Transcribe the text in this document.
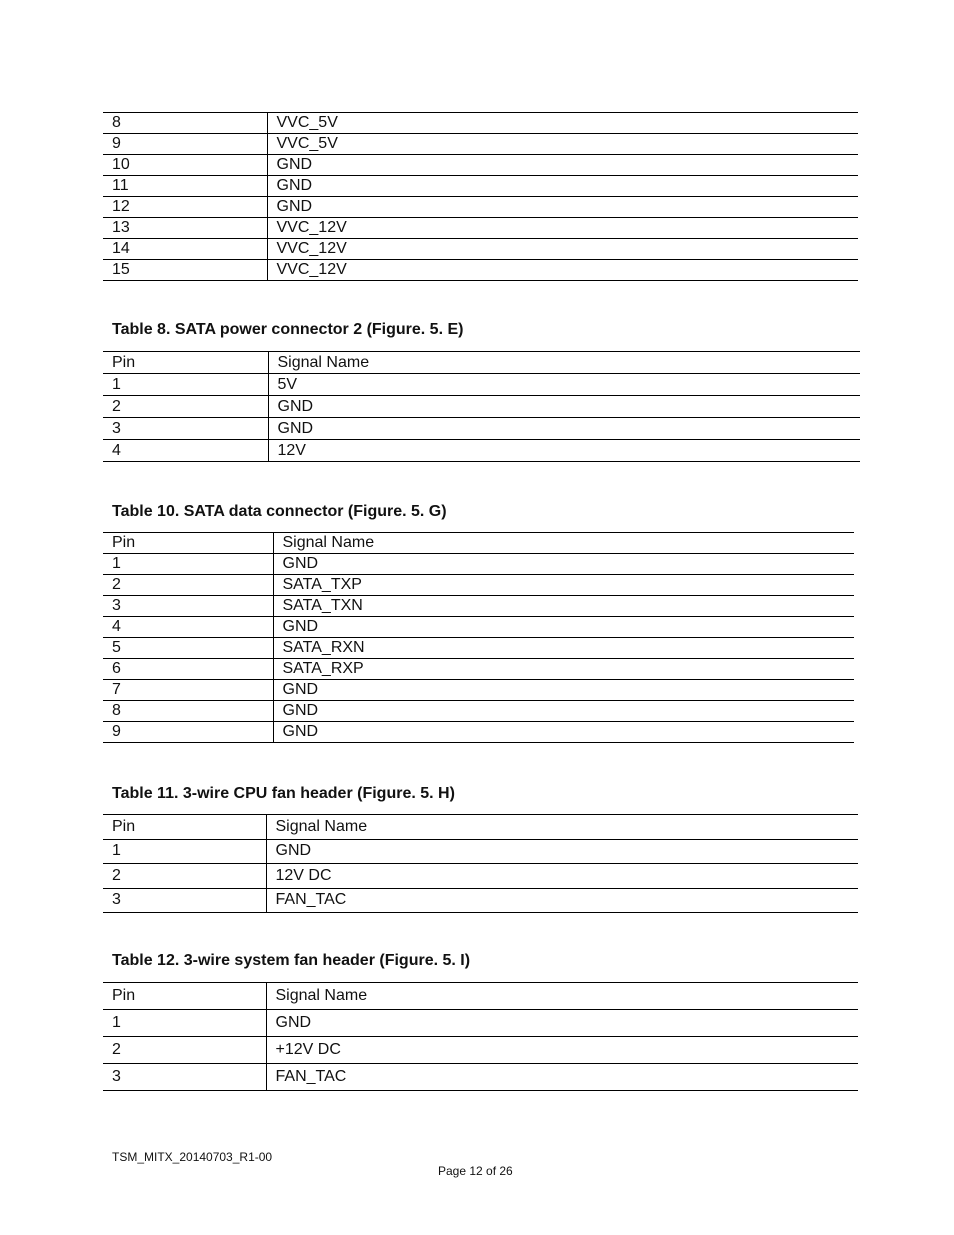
8	VVC_5V
9	VVC_5V
10	GND
11	GND
12	GND
13	VVC_12V
14	VVC_12V
15	VVC_12V
Table 8. SATA power connector 2 (Figure. 5. E)
Pin	Signal Name
1	5V
2	GND
3	GND
4	12V
Table 10. SATA data connector (Figure. 5. G)
Pin	Signal Name
1	GND
2	SATA_TXP
3	SATA_TXN
4	GND
5	SATA_RXN
6	SATA_RXP
7	GND
8	GND
9	GND
Table 11. 3-wire CPU fan header (Figure. 5. H)
Pin	Signal Name
1	GND
2	12V DC
3	FAN_TAC
Table 12. 3-wire system fan header (Figure. 5. I)
Pin	Signal Name
1	GND
2	+12V DC
3	FAN_TAC
TSM_MITX_20140703_R1-00
Page 12 of 26
